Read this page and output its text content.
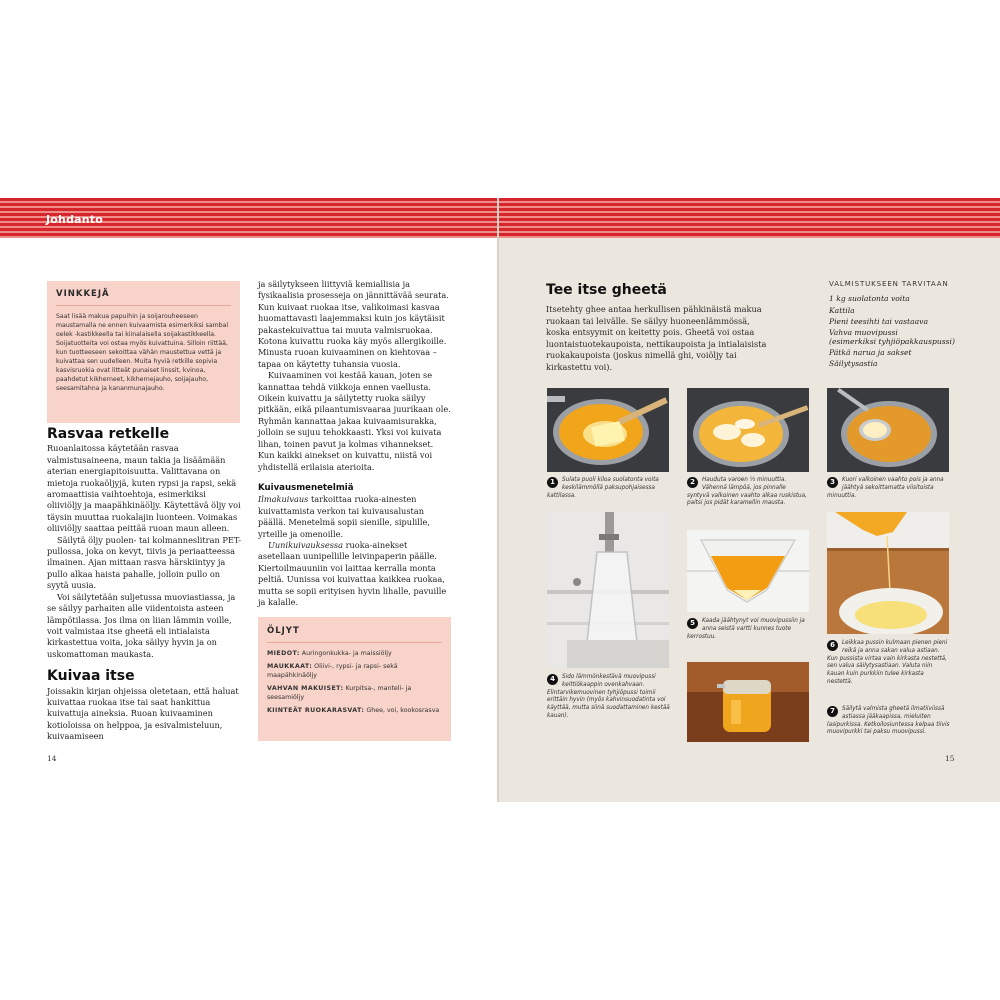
Johdanto
VINKKEJÄ

Saat lisää makua papuihin ja soijarouheeseen maustamalla ne ennen kuivaamista esimerkiksi sambal oelek -kastikkeella tai kiinalaisella soijakastikkeella. Soijatuotteita voi ostaa myös kuivattuina. Silloin riittää, kun tuotteeseen sekoittaa vähän maustettua vettä ja kuivattaa sen uudelleen. Muita hyviä retkille sopivia kasvisruokia ovat litteät punaiset linssit, kvinoa, paahdetut kikherneet, kikhernejauho, soijajauho, seesamitahna ja kananmunajauho.

Rasvaa retkelle

Ruoanlaitossa käytetään rasvaa valmistusaineena, maun takia ja lisäämään aterian energiapitoisuutta. Valittavana on mietoja ruokaöljyjä, kuten rypsi ja rapsi, sekä aromaattisia vaihtoehtoja, esimerkiksi oliiviöljy ja maapähkinäöljy. Käytettävä öljy voi täysin muuttaa ruokalajin luonteen. Voimakas oliiviöljy saattaa peittää ruoan maun alleen.

Säilytä öljy puolen- tai kolmanneslitran PET-pullossa, joka on kevyt, tiivis ja periaatteessa ilmainen. Ajan mittaan rasva härskiintyy ja pullo alkaa haista pahalle, jolloin pullo on syytä uusia.

Voi säilytetään suljetussa muoviastiassa, ja se säilyy parhaiten alle viidentoista asteen lämpötilassa. Jos ilma on liian lämmin voille, voit valmistaa itse gheetä eli intialaista kirkastettua voita, joka säilyy hyvin ja on uskomattoman maukasta.

Kuivaa itse

Joissakin kirjan ohjeissa oletetaan, että haluat kuivattaa ruokaa itse tai saat hankittua kuivattuja aineksia. Ruoan kuivaaminen kotioloissa on helppoa, ja esivalmisteluun, kuivaamiseen

ja säilytykseen liittyviä kemiallisia ja fysikaalisia prosesseja on jännittävää seurata. Kun kuivaat ruokaa itse, valikoimasi kasvaa huomattavasti laajemmaksi kuin jos käytäisit pakastekuivattua tai muuta valmisruokaa. Kotona kuivattu ruoka käy myös allergikoille. Minusta ruoan kuivaaminen on kiehtovaa – tapaa on käytetty tuhansia vuosia.

Kuivaaminen voi kestää kauan, joten se kannattaa tehdä viikkoja ennen vaellusta. Oikein kuivattu ja säilytetty ruoka säilyy pitkään, eikä pilaantumisvaaraa juurikaan ole. Ryhmän kannattaa jakaa kuivaamisurakka, jolloin se sujuu tehokkaasti. Yksi voi kuivata lihan, toinen pavut ja kolmas vihannekset. Kun kaikki ainekset on kuivattu, niistä voi yhdistellä erilaisia aterioita.

Kuivausmenetelmiä

Ilmakuivaus tarkoittaa ruoka-ainesten kuivattamista verkon tai kuivausalustan päällä. Menetelmä sopii sienille, sipulille, yrteille ja omenoille.

Uunikuivauksessa ruoka-ainekset asetellaan uunipellille leivinpaperin päälle. Kiertoilmauuniin voi laittaa kerralla monta peltiä. Uunissa voi kuivattaa kaikkea ruokaa, mutta se sopii erityisen hyvin lihalle, pavuille ja kalalle.

ÖLJYT

MIEDOT: Auringonkukka- ja maissiöljy

MAUKKAAT: Oliivi-, rypsi- ja rapsi- sekä maapähkinäöljy

VAHVAN MAKUISET: Kurpitsa-, manteli- ja seesamiöljy

KIINTEÄT RUOKARASVAT: Ghee, voi, kookosrasva

14
Tee itse gheetä
Itsetehty ghee antaa herkullisen pähkinäistä makua ruokaan tai leivälle. Se säilyy huoneenlämmössä, koska entsyymit on keitetty pois. Gheetä voi ostaa luontaistuotekaupoista, nettikaupoista ja intialaisista ruokakaupoista (joskus nimellä ghi, voiöljy tai kirkastettu voi).
VALMISTUKSEEN TARVITAAN
1 kg suolatonta voita
Kattila
Pieni teesihti tai vastaava
Vahva muovipussi
(esimerkiksi tyhjiöpakkauspussi)
Pätkä narua ja sakset
Säilytysastia
1	Sulata puoli kiloa suolatonta voita keskilämmöllä paksupohjaisessa kattilassa.
2	Hauduta varoen ⅓ minuuttia. Vähennä lämpöä, jos pinnalle syntyvä valkoinen vaahto alkaa ruskistua, paitsi jos pidät karamellin mausta.
3	Kuori valkoinen vaahto pois ja anna jäähtyä sekoittamatta viisitoista minuuttia.
4	Sido lämmönkestävä muovipussi keittiökaappin ovenkahvaan. Elintarvikemuovinen tyhjiöpussi toimii erittäin hyvin (myös kahvinsuodatinta voi käyttää, mutta siinä suodattaminen kestää kauan).
5	Kaada jäähtynyt voi muovipussiin ja anna seistä vartti kunnes tuote kerrostuu.
6	Leikkaa pussin kulmaan pienen pieni reikä ja anna sakan valua astiaan. Kun pussista virtaa vain kirkasta nestettä, sen valua säilytysastiaan. Valuta niin kauan kuin purkkiin tulee kirkasta nestettä.
7	Säilytä valmista gheetä ilmatiiviissä astiassa jääkaapissa, mieluiten lasipurkissa. Ketkoilosiuntessa kelpaa tiivis muovipurkki tai paksu muovipussi.
15
